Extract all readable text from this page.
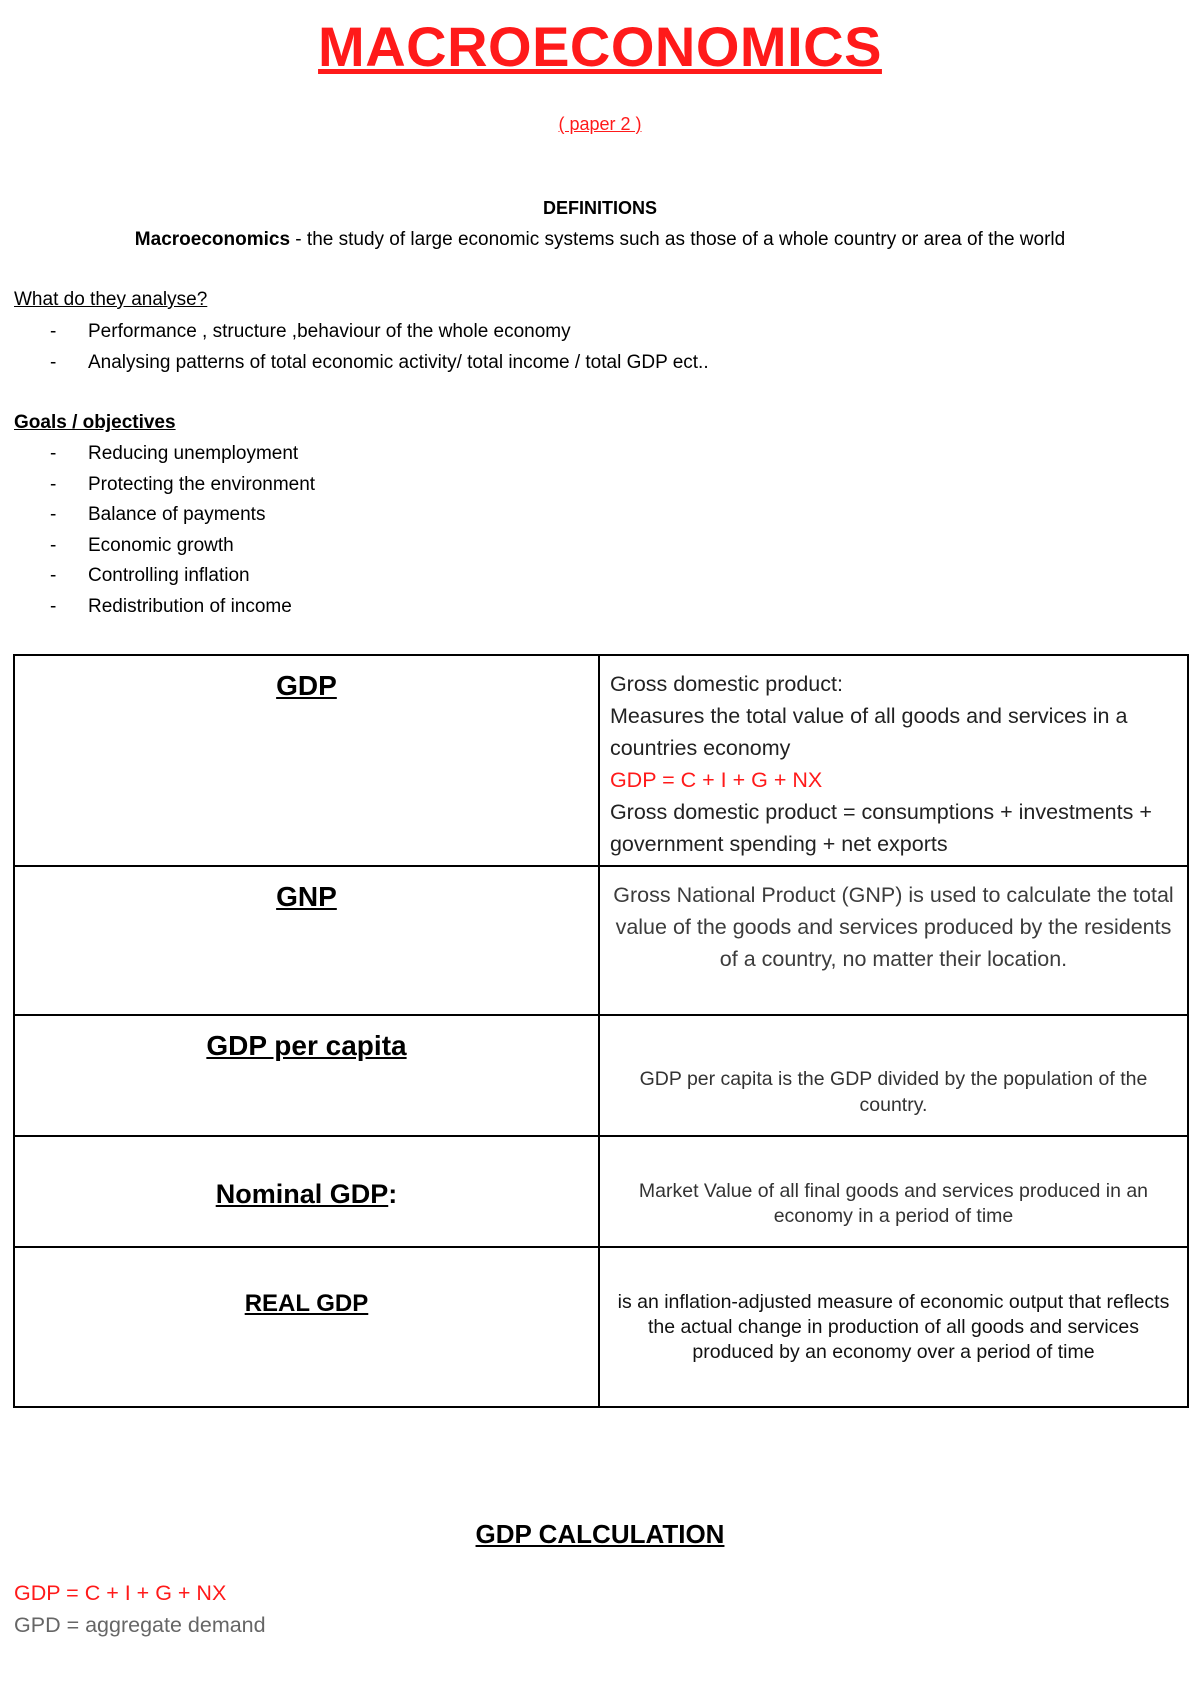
MACROECONOMICS
( paper 2 )
DEFINITIONS
Macroeconomics - the study of large economic systems such as those of a whole country or area of the world
What do they analyse?
- Performance , structure ,behaviour of the whole economy
- Analysing patterns of total economic activity/ total income / total GDP ect..
Goals / objectives
- Reducing unemployment
- Protecting the environment
- Balance of payments
- Economic growth
- Controlling inflation
- Redistribution of income
GDP	Gross domestic product:
Measures the total value of all goods and services in a countries economy
GDP = C + I + G + NX
Gross domestic product = consumptions + investments + government spending + net exports

GNP	Gross National Product (GNP) is used to calculate the total value of the goods and services produced by the residents of a country, no matter their location.

GDP per capita	GDP per capita is the GDP divided by the population of the country.

Nominal GDP:	Market Value of all final goods and services produced in an economy in a period of time

REAL GDP	is an inflation-adjusted measure of economic output that reflects the actual change in production of all goods and services produced by an economy over a period of time
GDP CALCULATION
GDP = C + I + G + NX
GPD = aggregate demand
